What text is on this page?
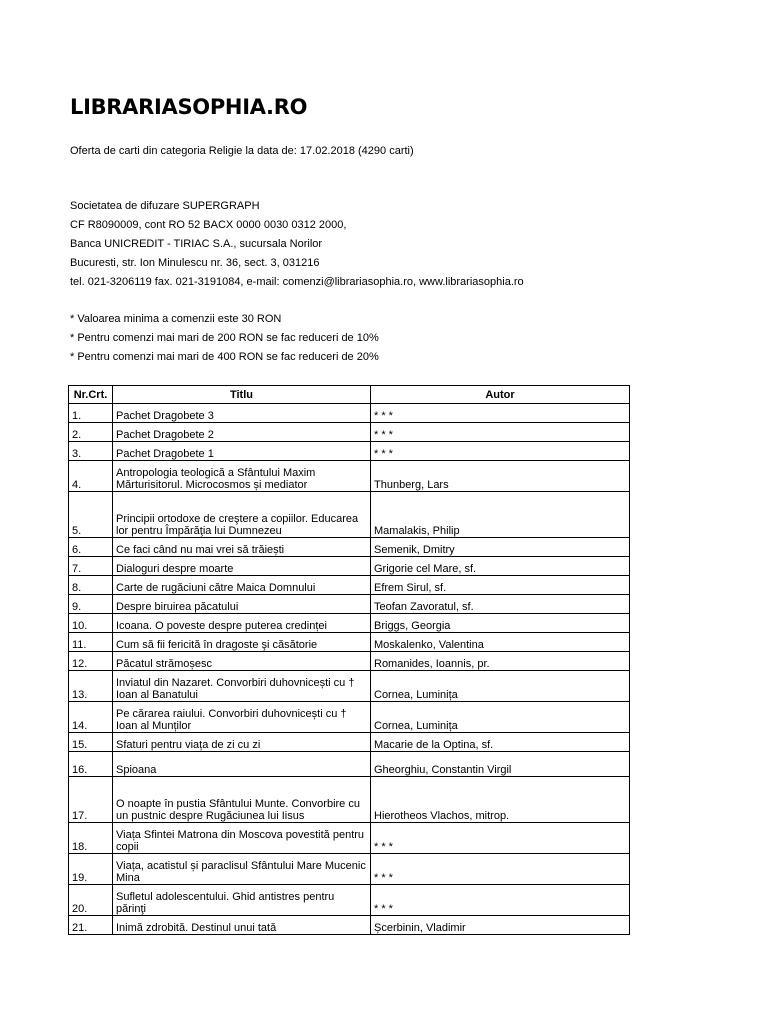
LIBRARIASOPHIA.RO
Oferta de carti din categoria Religie la data de: 17.02.2018 (4290 carti)
Societatea de difuzare SUPERGRAPH
CF R8090009, cont RO 52 BACX 0000 0030 0312 2000,
Banca UNICREDIT - TIRIAC S.A., sucursala Norilor
Bucuresti, str. Ion Minulescu nr. 36, sect. 3, 031216
tel. 021-3206119 fax. 021-3191084, e-mail: comenzi@librariasophia.ro, www.librariasophia.ro
* Valoarea minima a comenzii este 30 RON
* Pentru comenzi mai mari de 200 RON se fac reduceri de 10%
* Pentru comenzi mai mari de 400 RON se fac reduceri de 20%
Nr.Crt.	Titlu	Autor
1.	Pachet Dragobete 3	* * *
2.	Pachet Dragobete 2	* * *
3.	Pachet Dragobete 1	* * *
4.	Antropologia teologică a Sfântului Maxim Mărturisitorul. Microcosmos și mediator	Thunberg, Lars
5.	Principii ortodoxe de creştere a copiilor. Educarea lor pentru Împărăţia lui Dumnezeu	Mamalakis, Philip
6.	Ce faci când nu mai vrei să trăiești	Semenik, Dmitry
7.	Dialoguri despre moarte	Grigorie cel Mare, sf.
8.	Carte de rugăciuni către Maica Domnului	Efrem Sirul, sf.
9.	Despre biruirea păcatului	Teofan Zavoratul, sf.
10.	Icoana. O poveste despre puterea credinței	Briggs, Georgia
11.	Cum să fii fericită în dragoste şi căsătorie	Moskalenko, Valentina
12.	Păcatul strămoșesc	Romanides, Ioannis, pr.
13.	Inviatul din Nazaret. Convorbiri duhovnicești cu † Ioan al Banatului	Cornea, Luminița
14.	Pe cărarea raiului. Convorbiri duhovnicești cu † Ioan al Munților	Cornea, Luminița
15.	Sfaturi pentru viața de zi cu zi	Macarie de la Optina, sf.
16.	Spioana	Gheorghiu, Constantin Virgil
17.	O noapte în pustia Sfântului Munte. Convorbire cu un pustnic despre Rugăciunea lui Iisus	Hierotheos Vlachos, mitrop.
18.	Viața Sfintei Matrona din Moscova povestită pentru copii	* * *
19.	Viața, acatistul și paraclisul Sfântului Mare Mucenic Mina	* * *
20.	Sufletul adolescentului. Ghid antistres pentru părinţi	* * *
21.	Inimă zdrobită. Destinul unui tată	Șcerbinin, Vladimir
